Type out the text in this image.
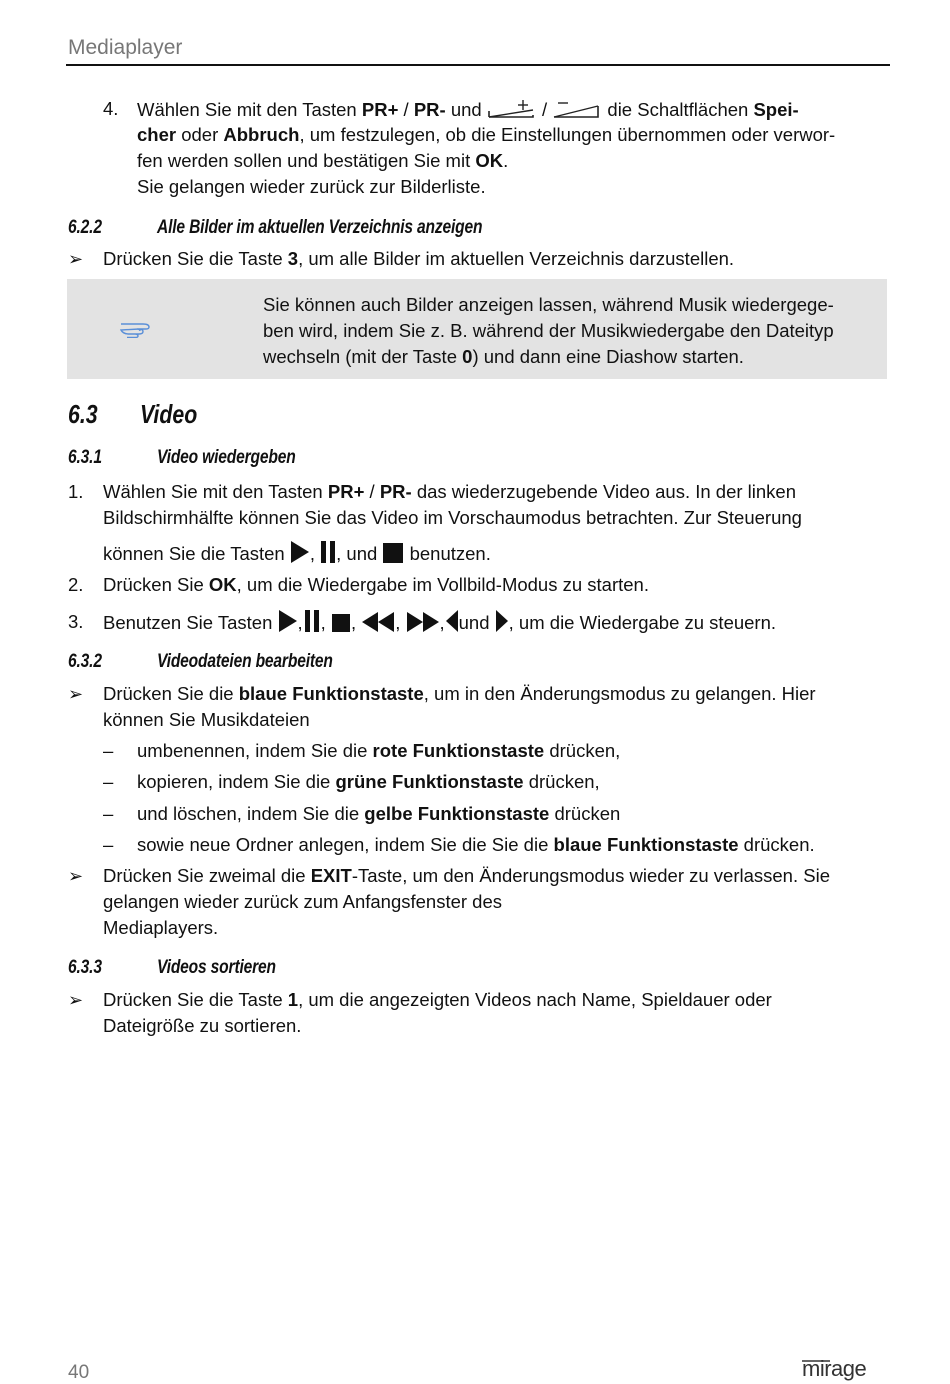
Mediaplayer
4. Wählen Sie mit den Tasten PR+ / PR- und	/	die Schaltflächen Spei-
cher oder Abbruch, um festzulegen, ob die Einstellungen übernommen oder verwor-
fen werden sollen und bestätigen Sie mit OK.
Sie gelangen wieder zurück zur Bilderliste.
6.2.2	Alle Bilder im aktuellen Verzeichnis anzeigen
➢ Drücken Sie die Taste 3, um alle Bilder im aktuellen Verzeichnis darzustellen.
Sie können auch Bilder anzeigen lassen, während Musik wiedergege-
ben wird, indem Sie z. B. während der Musikwiedergabe den Dateityp
wechseln (mit der Taste 0) und dann eine Diashow starten.
6.3 Video
6.3.1	Video wiedergeben
1. Wählen Sie mit den Tasten PR+ / PR- das wiederzugebende Video aus. In der linken
Bildschirmhälfte können Sie das Video im Vorschaumodus betrachten. Zur Steuerung
können Sie die Tasten , , und  benutzen.
2. Drücken Sie OK, um die Wiedergabe im Vollbild-Modus zu starten.
3. Benutzen Sie Tasten , , , , , und , um die Wiedergabe zu steuern.
6.3.2	Videodateien bearbeiten
➢ Drücken Sie die blaue Funktionstaste, um in den Änderungsmodus zu gelangen. Hier
können Sie Musikdateien
– umbenennen, indem Sie die rote Funktionstaste drücken,
– kopieren, indem Sie die grüne Funktionstaste drücken,
– und löschen, indem Sie die gelbe Funktionstaste drücken
– sowie neue Ordner anlegen, indem Sie die Sie die blaue Funktionstaste drücken.
➢ Drücken Sie zweimal die EXIT-Taste, um den Änderungsmodus wieder zu verlassen. Sie
gelangen wieder zurück zum Anfangsfenster des
Mediaplayers.
6.3.3	Videos sortieren
➢ Drücken Sie die Taste 1, um die angezeigten Videos nach Name, Spieldauer oder
Dateigröße zu sortieren.
40	mirage
